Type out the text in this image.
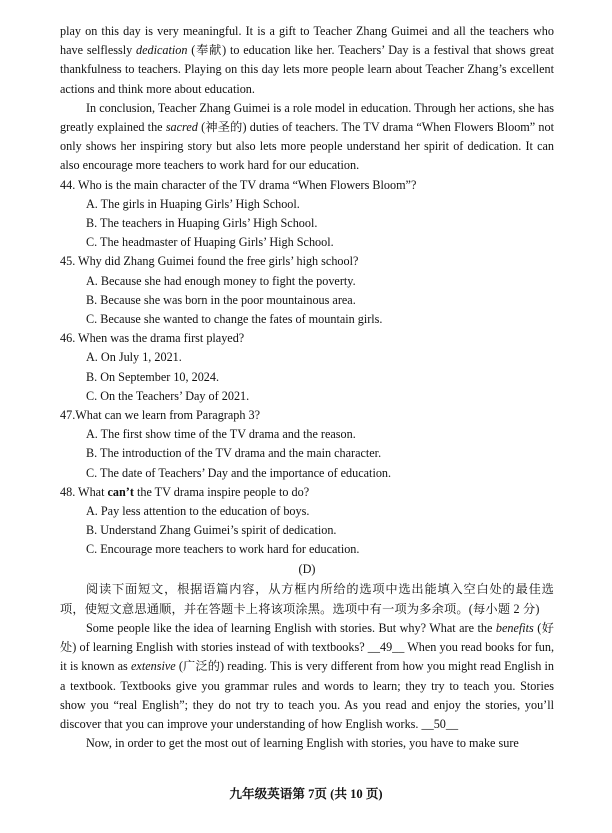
play on this day is very meaningful. It is a gift to Teacher Zhang Guimei and all the teachers who have selflessly dedication (奉献) to education like her. Teachers’ Day is a festival that shows great thankfulness to teachers. Playing on this day lets more people learn about Teacher Zhang’s excellent actions and think more about education.

In conclusion, Teacher Zhang Guimei is a role model in education. Through her actions, she has greatly explained the sacred (神圣的) duties of teachers. The TV drama “When Flowers Bloom” not only shows her inspiring story but also lets more people understand her spirit of dedication. It can also encourage more teachers to work hard for our education.

44. Who is the main character of the TV drama “When Flowers Bloom”?

A. The girls in Huaping Girls’ High School.

B. The teachers in Huaping Girls’ High School.

C. The headmaster of Huaping Girls’ High School.

45. Why did Zhang Guimei found the free girls’ high school?

A. Because she had enough money to fight the poverty.

B. Because she was born in the poor mountainous area.

C. Because she wanted to change the fates of mountain girls.

46. When was the drama first played?

A. On July 1, 2021.

B. On September 10, 2024.

C. On the Teachers’ Day of 2021.

47.What can we learn from Paragraph 3?

A. The first show time of the TV drama and the reason.

B. The introduction of the TV drama and the main character.

C. The date of Teachers’ Day and the importance of education.

48. What can’t the TV drama inspire people to do?

A. Pay less attention to the education of boys.

B. Understand Zhang Guimei’s spirit of dedication.

C. Encourage more teachers to work hard for education.

(D)

阅读下面短文，根据语篇内容，从方框内所给的选项中选出能填入空白处的最佳选项，使短文意思通顺，并在答题卡上将该项涂黑。选项中有一项为多余项。(每小题 2 分)

Some people like the idea of learning English with stories. But why? What are the benefits (好处) of learning English with stories instead of with textbooks? __49__ When you read books for fun, it is known as extensive (广泛的) reading. This is very different from how you might read English in a textbook. Textbooks give you grammar rules and words to learn; they try to teach you. Stories show you “real English”; they do not try to teach you. As you read and enjoy the stories, you’ll discover that you can improve your understanding of how English works. __50__

Now, in order to get the most out of learning English with stories, you have to make sure

九年级英语第 7页 (共 10 页)
